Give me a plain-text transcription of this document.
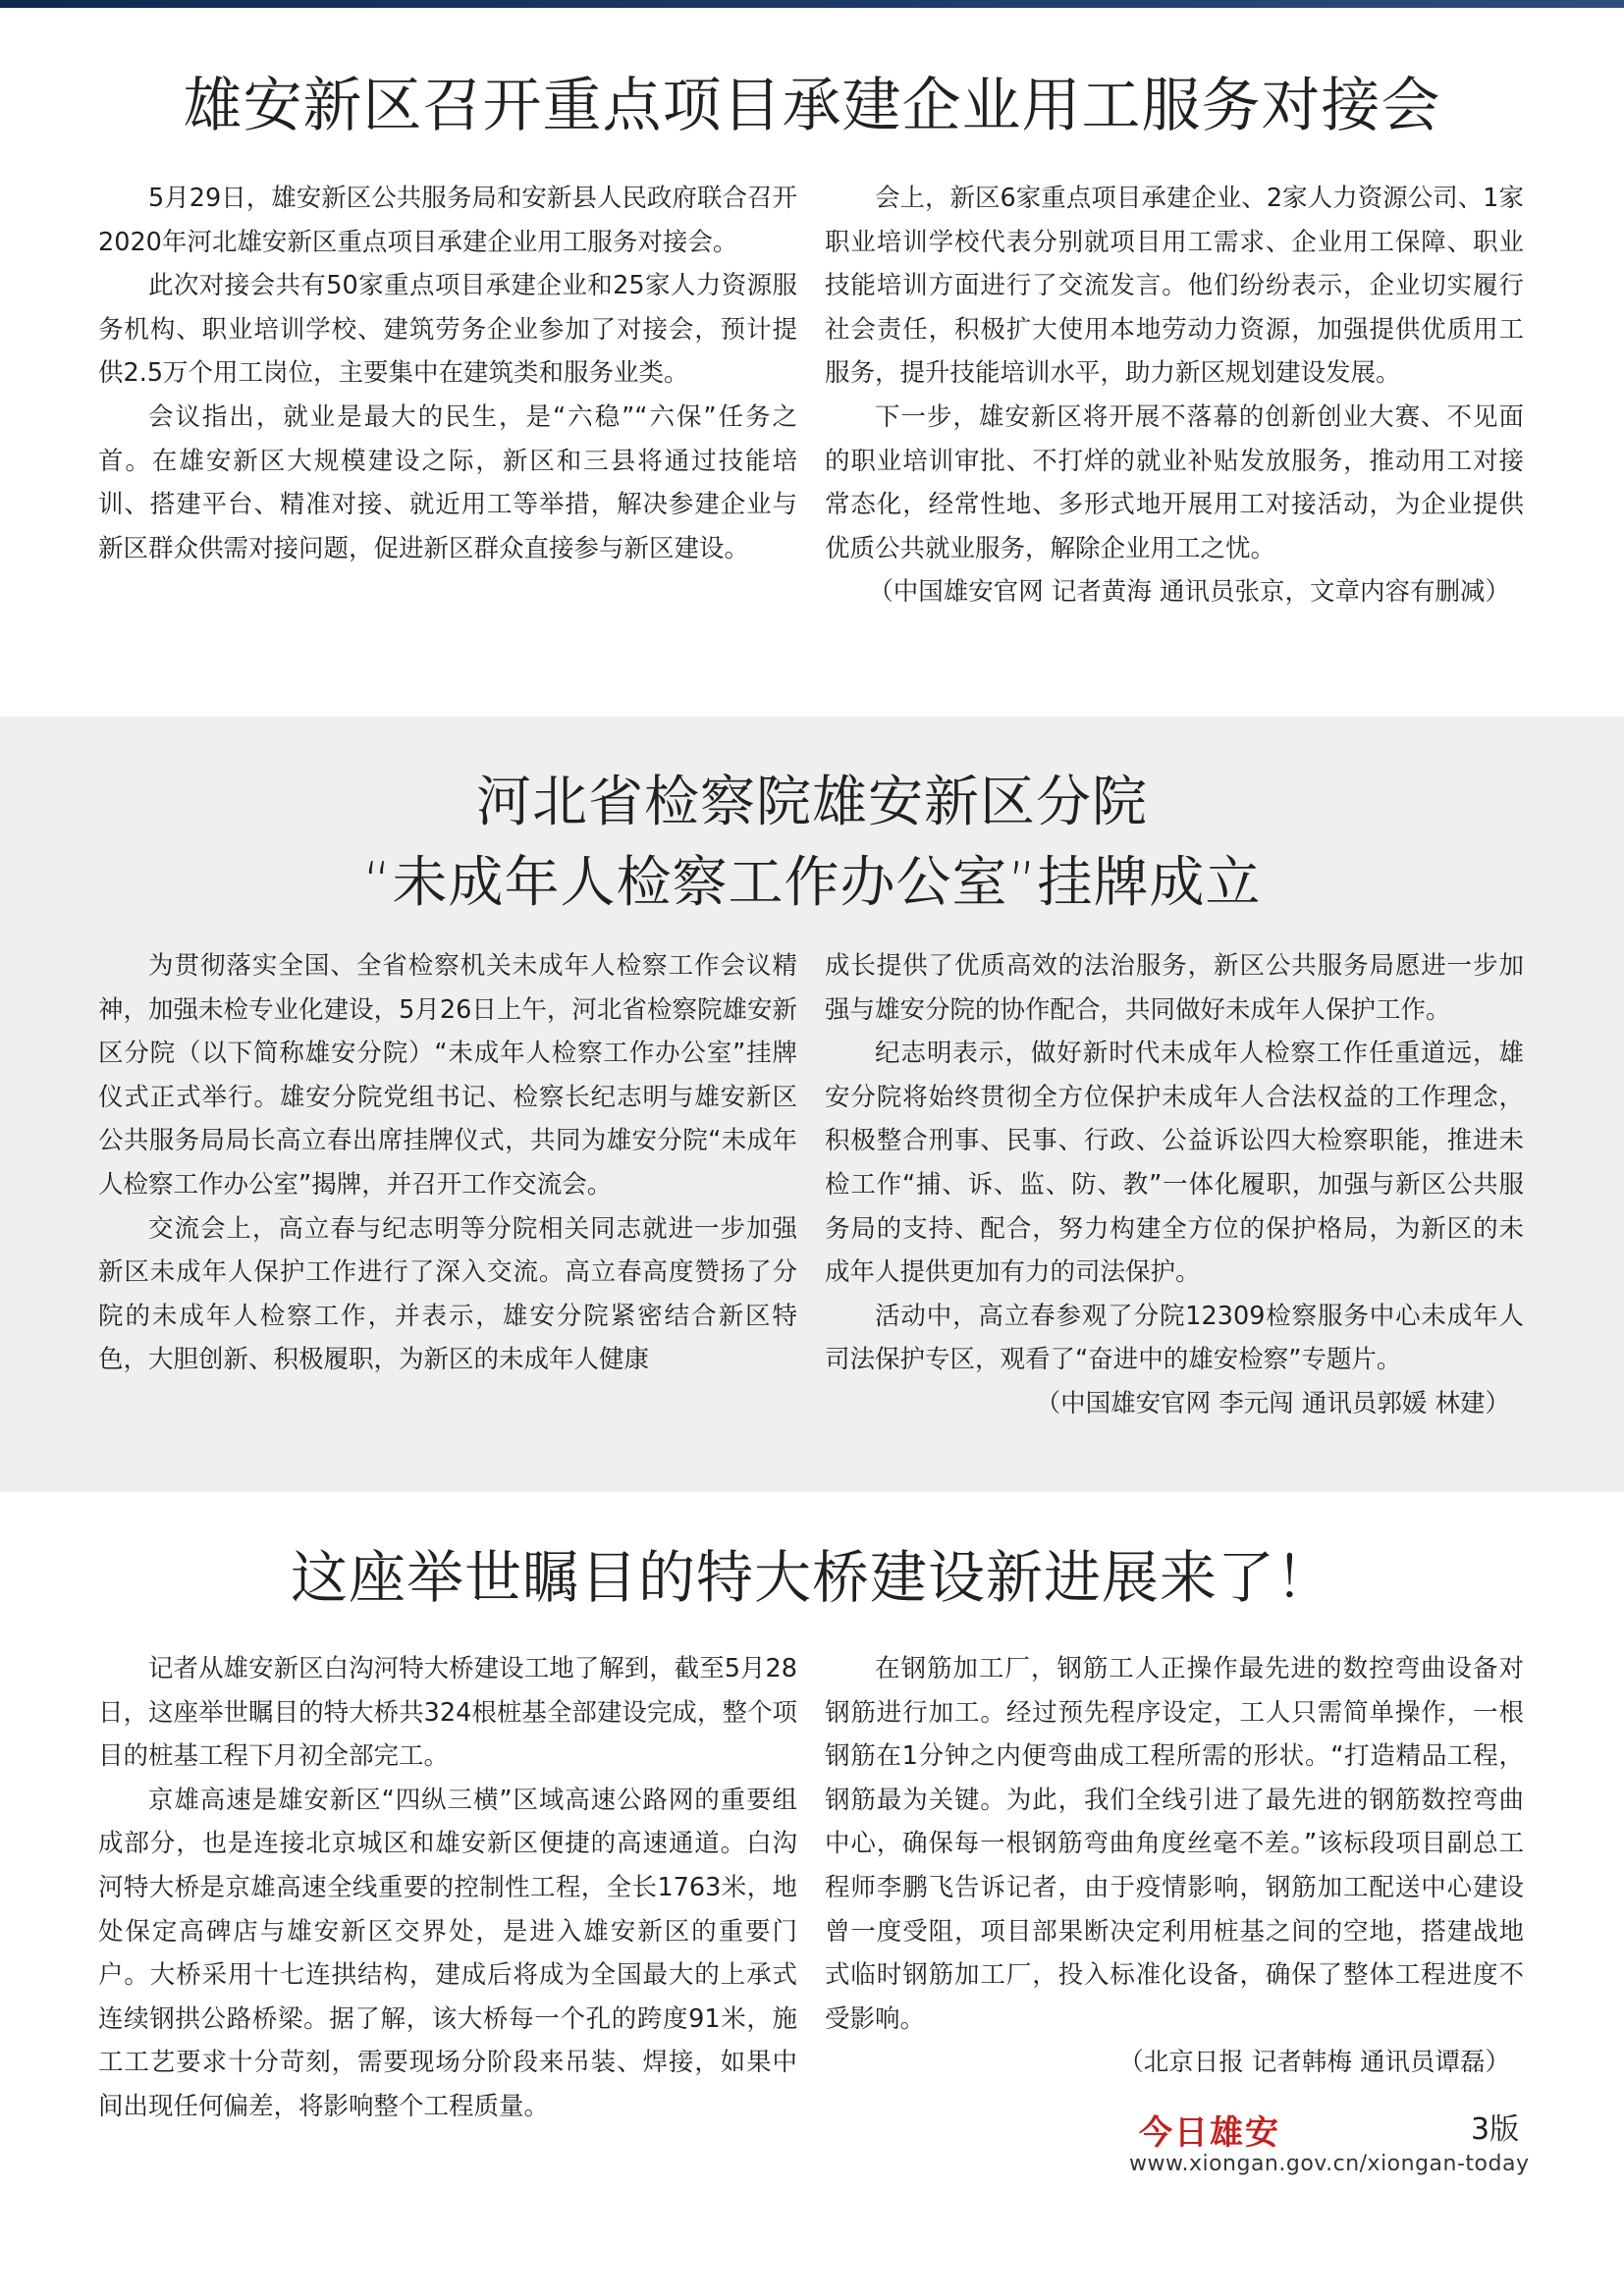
雄安新区召开重点项目承建企业用工服务对接会

5月29日，雄安新区公共服务局和安新县人民政府联合召开2020年河北雄安新区重点项目承建企业用工服务对接会。

此次对接会共有50家重点项目承建企业和25家人力资源服务机构、职业培训学校、建筑劳务企业参加了对接会，预计提供2.5万个用工岗位，主要集中在建筑类和服务业类。

会议指出，就业是最大的民生，是“六稳”“六保”任务之首。在雄安新区大规模建设之际，新区和三县将通过技能培训、搭建平台、精准对接、就近用工等举措，解决参建企业与新区群众供需对接问题，促进新区群众直接参与新区建设。

会上，新区6家重点项目承建企业、2家人力资源公司、1家职业培训学校代表分别就项目用工需求、企业用工保障、职业技能培训方面进行了交流发言。他们纷纷表示，企业切实履行社会责任，积极扩大使用本地劳动力资源，加强提供优质用工服务，提升技能培训水平，助力新区规划建设发展。

下一步，雄安新区将开展不落幕的创新创业大赛、不见面的职业培训审批、不打烊的就业补贴发放服务，推动用工对接常态化，经常性地、多形式地开展用工对接活动，为企业提供优质公共就业服务，解除企业用工之忧。

（中国雄安官网 记者黄海 通讯员张京，文章内容有删减）

河北省检察院雄安新区分院
“未成年人检察工作办公室”挂牌成立

为贯彻落实全国、全省检察机关未成年人检察工作会议精神，加强未检专业化建设，5月26日上午，河北省检察院雄安新区分院（以下简称雄安分院）“未成年人检察工作办公室”挂牌仪式正式举行。雄安分院党组书记、检察长纪志明与雄安新区公共服务局局长高立春出席挂牌仪式，共同为雄安分院“未成年人检察工作办公室”揭牌，并召开工作交流会。

交流会上，高立春与纪志明等分院相关同志就进一步加强新区未成年人保护工作进行了深入交流。高立春高度赞扬了分院的未成年人检察工作，并表示，雄安分院紧密结合新区特色，大胆创新、积极履职，为新区的未成年人健康

成长提供了优质高效的法治服务，新区公共服务局愿进一步加强与雄安分院的协作配合，共同做好未成年人保护工作。

纪志明表示，做好新时代未成年人检察工作任重道远，雄安分院将始终贯彻全方位保护未成年人合法权益的工作理念，积极整合刑事、民事、行政、公益诉讼四大检察职能，推进未检工作“捕、诉、监、防、教”一体化履职，加强与新区公共服务局的支持、配合，努力构建全方位的保护格局，为新区的未成年人提供更加有力的司法保护。

活动中，高立春参观了分院12309检察服务中心未成年人司法保护专区，观看了“奋进中的雄安检察”专题片。

（中国雄安官网 李元闯 通讯员郭媛 林建）

这座举世瞩目的特大桥建设新进展来了！

记者从雄安新区白沟河特大桥建设工地了解到，截至5月28日，这座举世瞩目的特大桥共324根桩基全部建设完成，整个项目的桩基工程下月初全部完工。

京雄高速是雄安新区“四纵三横”区域高速公路网的重要组成部分，也是连接北京城区和雄安新区便捷的高速通道。白沟河特大桥是京雄高速全线重要的控制性工程，全长1763米，地处保定高碑店与雄安新区交界处，是进入雄安新区的重要门户。大桥采用十七连拱结构，建成后将成为全国最大的上承式连续钢拱公路桥梁。据了解，该大桥每一个孔的跨度91米，施工工艺要求十分苛刻，需要现场分阶段来吊装、焊接，如果中间出现任何偏差，将影响整个工程质量。

在钢筋加工厂，钢筋工人正操作最先进的数控弯曲设备对钢筋进行加工。经过预先程序设定，工人只需简单操作，一根钢筋在1分钟之内便弯曲成工程所需的形状。“打造精品工程，钢筋最为关键。为此，我们全线引进了最先进的钢筋数控弯曲中心，确保每一根钢筋弯曲角度丝毫不差。”该标段项目副总工程师李鹏飞告诉记者，由于疫情影响，钢筋加工配送中心建设曾一度受阻，项目部果断决定利用桩基之间的空地，搭建战地式临时钢筋加工厂，投入标准化设备，确保了整体工程进度不受影响。

（北京日报 记者韩梅 通讯员谭磊）

今日雄安	3版
www.xiongan.gov.cn/xiongan-today
